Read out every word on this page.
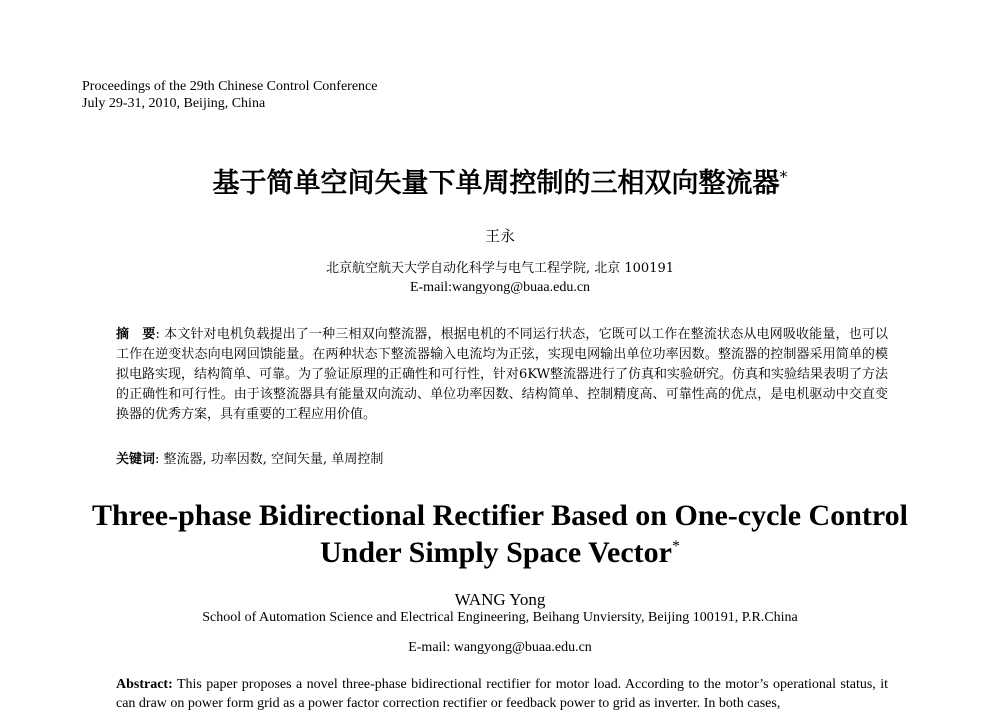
Proceedings of the 29th Chinese Control Conference
July 29-31, 2010, Beijing, China
基于简单空间矢量下单周控制的三相双向整流器*
王永
北京航空航天大学自动化科学与电气工程学院, 北京 100191
E-mail:wangyong@buaa.edu.cn
摘　要: 本文针对电机负载提出了一种三相双向整流器，根据电机的不同运行状态，它既可以工作在整流状态从电网吸收能量，也可以工作在逆变状态向电网回馈能量。在两种状态下整流器输入电流均为正弦，实现电网输出单位功率因数。整流器的控制器采用简单的模拟电路实现，结构简单、可靠。为了验证原理的正确性和可行性，针对6KW整流器进行了仿真和实验研究。仿真和实验结果表明了方法的正确性和可行性。由于该整流器具有能量双向流动、单位功率因数、结构简单、控制精度高、可靠性高的优点，是电机驱动中交直变换器的优秀方案，具有重要的工程应用价值。
关键词: 整流器, 功率因数, 空间矢量, 单周控制
Three-phase Bidirectional Rectifier Based on One-cycle Control
Under Simply Space Vector*
WANG Yong
School of Automation Science and Electrical Engineering, Beihang Unviersity, Beijing 100191, P.R.China
E-mail: wangyong@buaa.edu.cn
Abstract: This paper proposes a novel three-phase bidirectional rectifier for motor load. According to the motor’s operational status, it can draw on power form grid as a power factor correction rectifier or feedback power to grid as inverter. In both cases,
